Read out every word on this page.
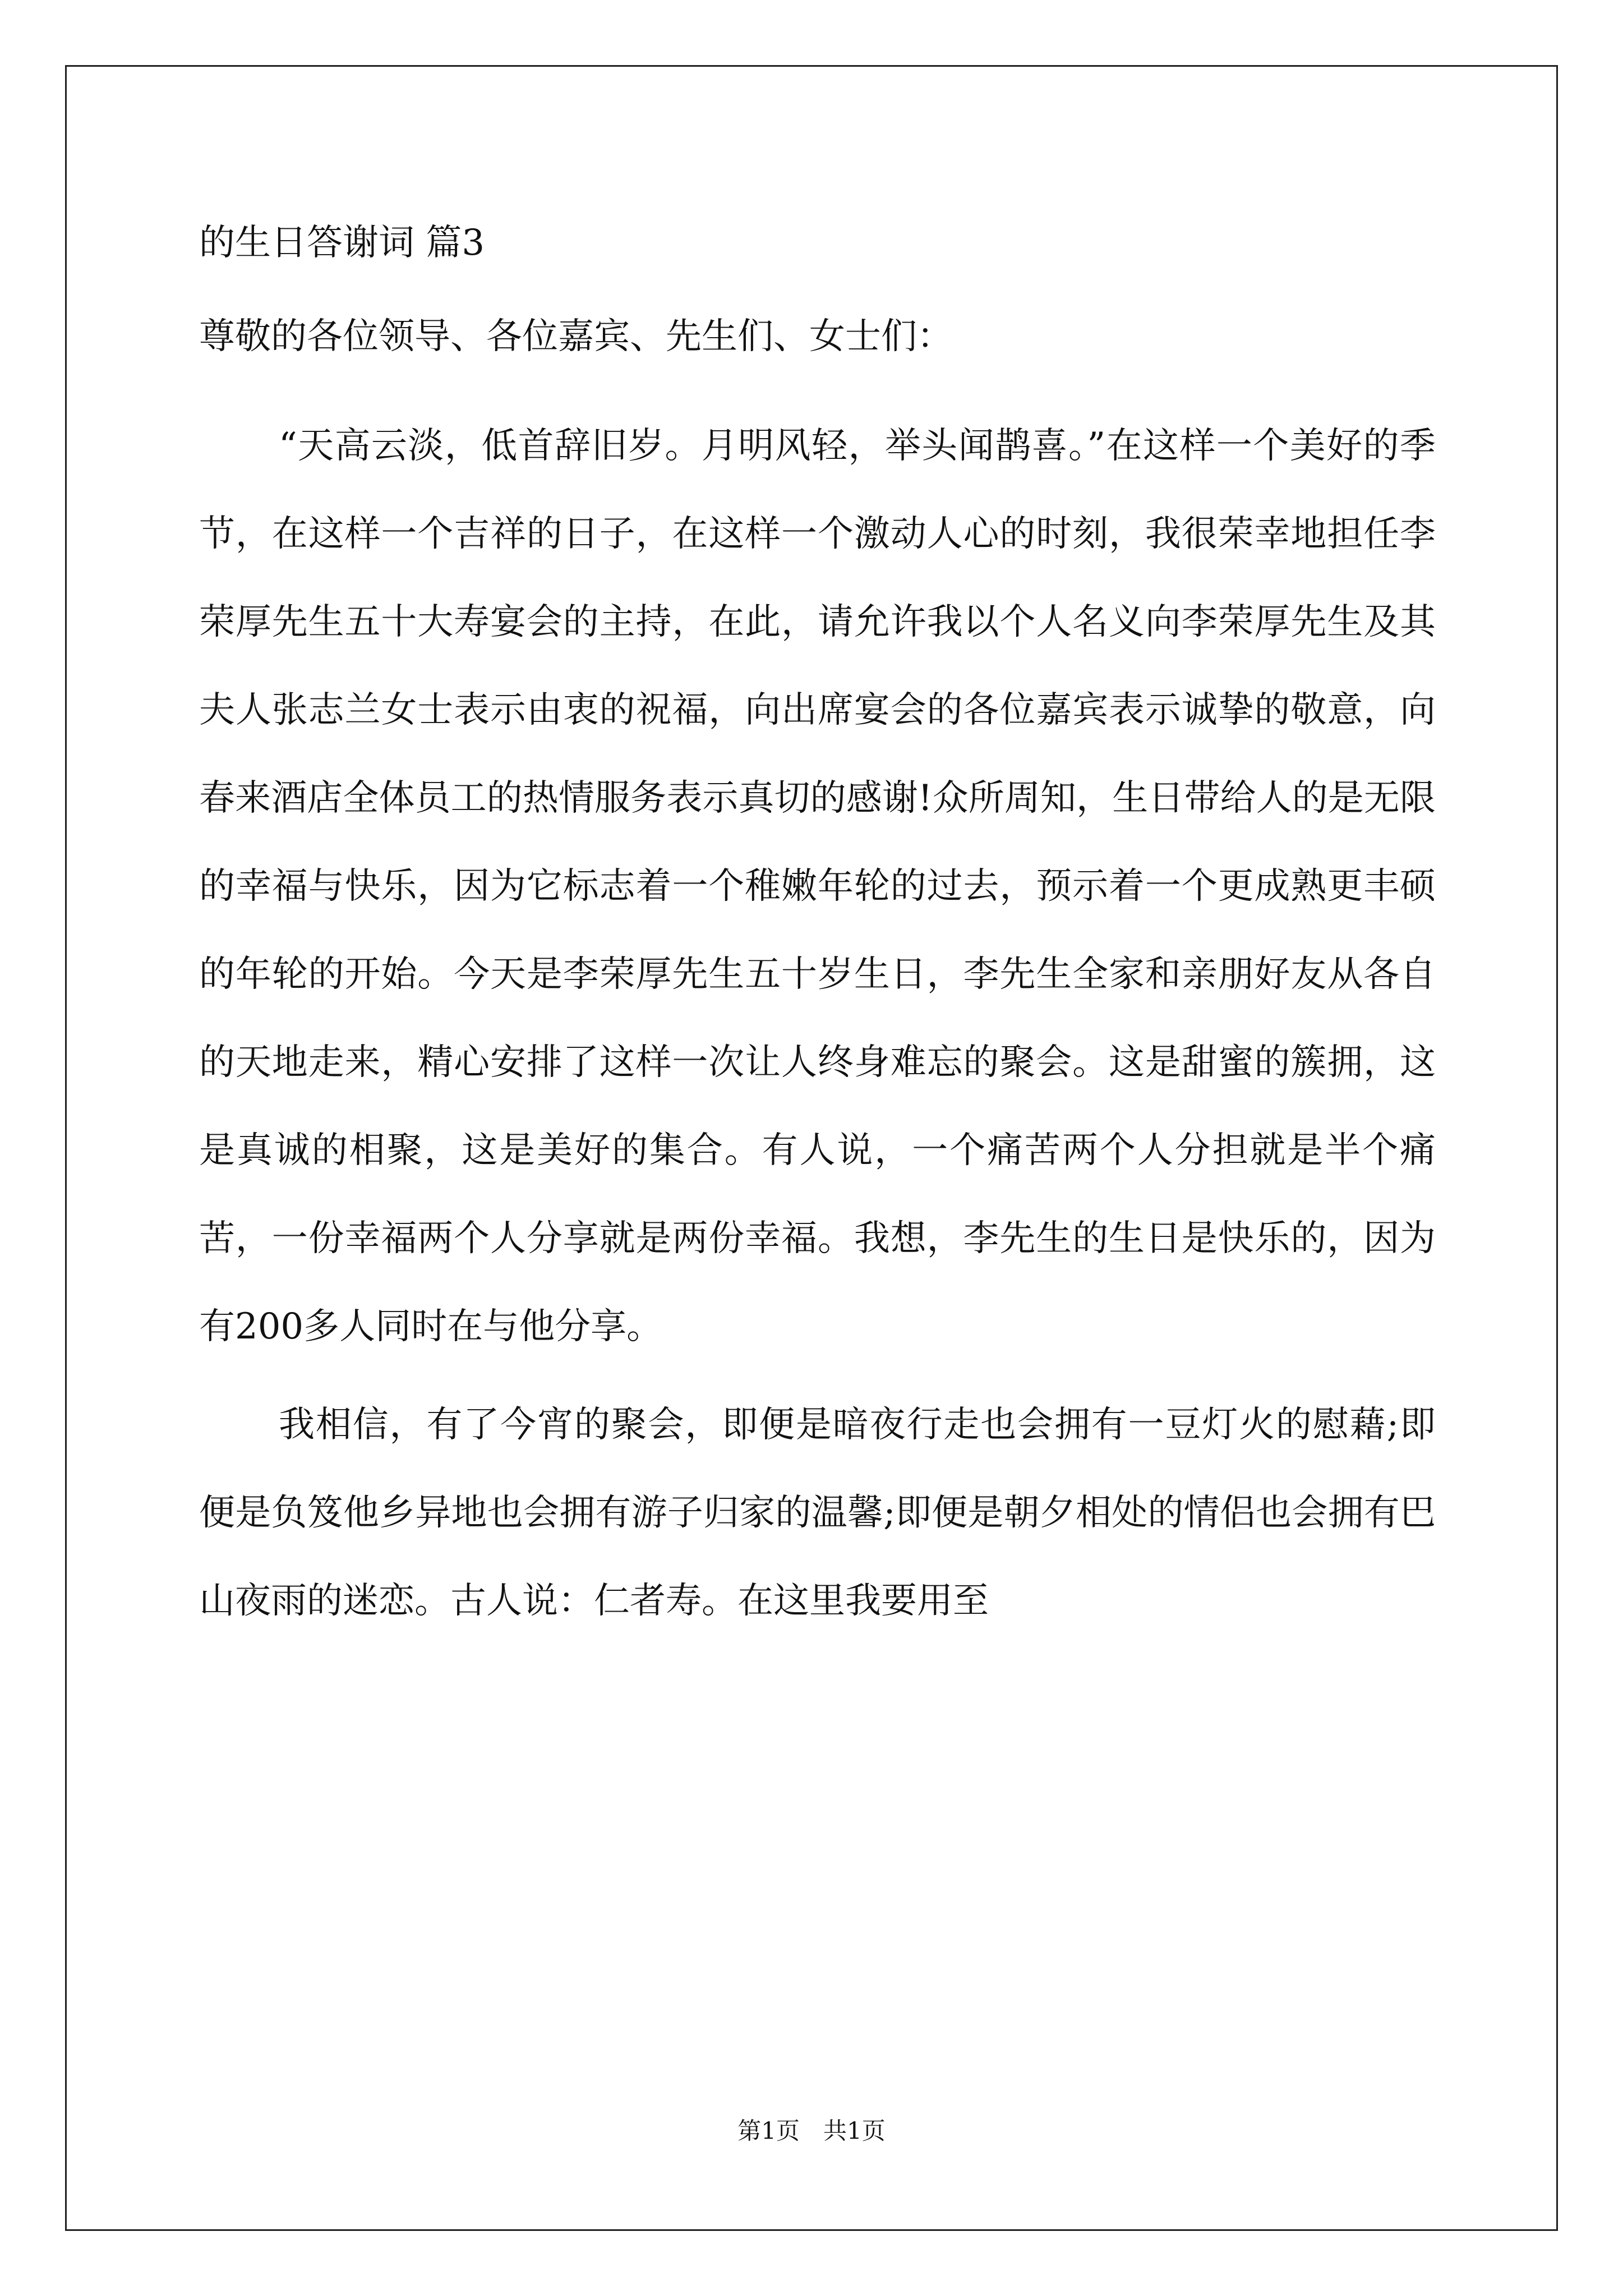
的生日答谢词 篇3
尊敬的各位领导、各位嘉宾、先生们、女士们：

“天高云淡，低首辞旧岁。月明风轻，举头闻鹊喜。”在这样一个美好的季节，在这样一个吉祥的日子，在这样一个激动人心的时刻，我很荣幸地担任李荣厚先生五十大寿宴会的主持，在此，请允许我以个人名义向李荣厚先生及其夫人张志兰女士表示由衷的祝福，向出席宴会的各位嘉宾表示诚挚的敬意，向春来酒店全体员工的热情服务表示真切的感谢!众所周知，生日带给人的是无限的幸福与快乐，因为它标志着一个稚嫩年轮的过去，预示着一个更成熟更丰硕的年轮的开始。今天是李荣厚先生五十岁生日，李先生全家和亲朋好友从各自的天地走来，精心安排了这样一次让人终身难忘的聚会。这是甜蜜的簇拥，这是真诚的相聚，这是美好的集合。有人说，一个痛苦两个人分担就是半个痛苦，一份幸福两个人分享就是两份幸福。我想，李先生的生日是快乐的，因为有200多人同时在与他分享。

我相信，有了今宵的聚会，即便是暗夜行走也会拥有一豆灯火的慰藉;即便是负笈他乡异地也会拥有游子归家的温馨;即便是朝夕相处的情侣也会拥有巴山夜雨的迷恋。古人说：仁者寿。在这里我要用至

第1页　共1页
